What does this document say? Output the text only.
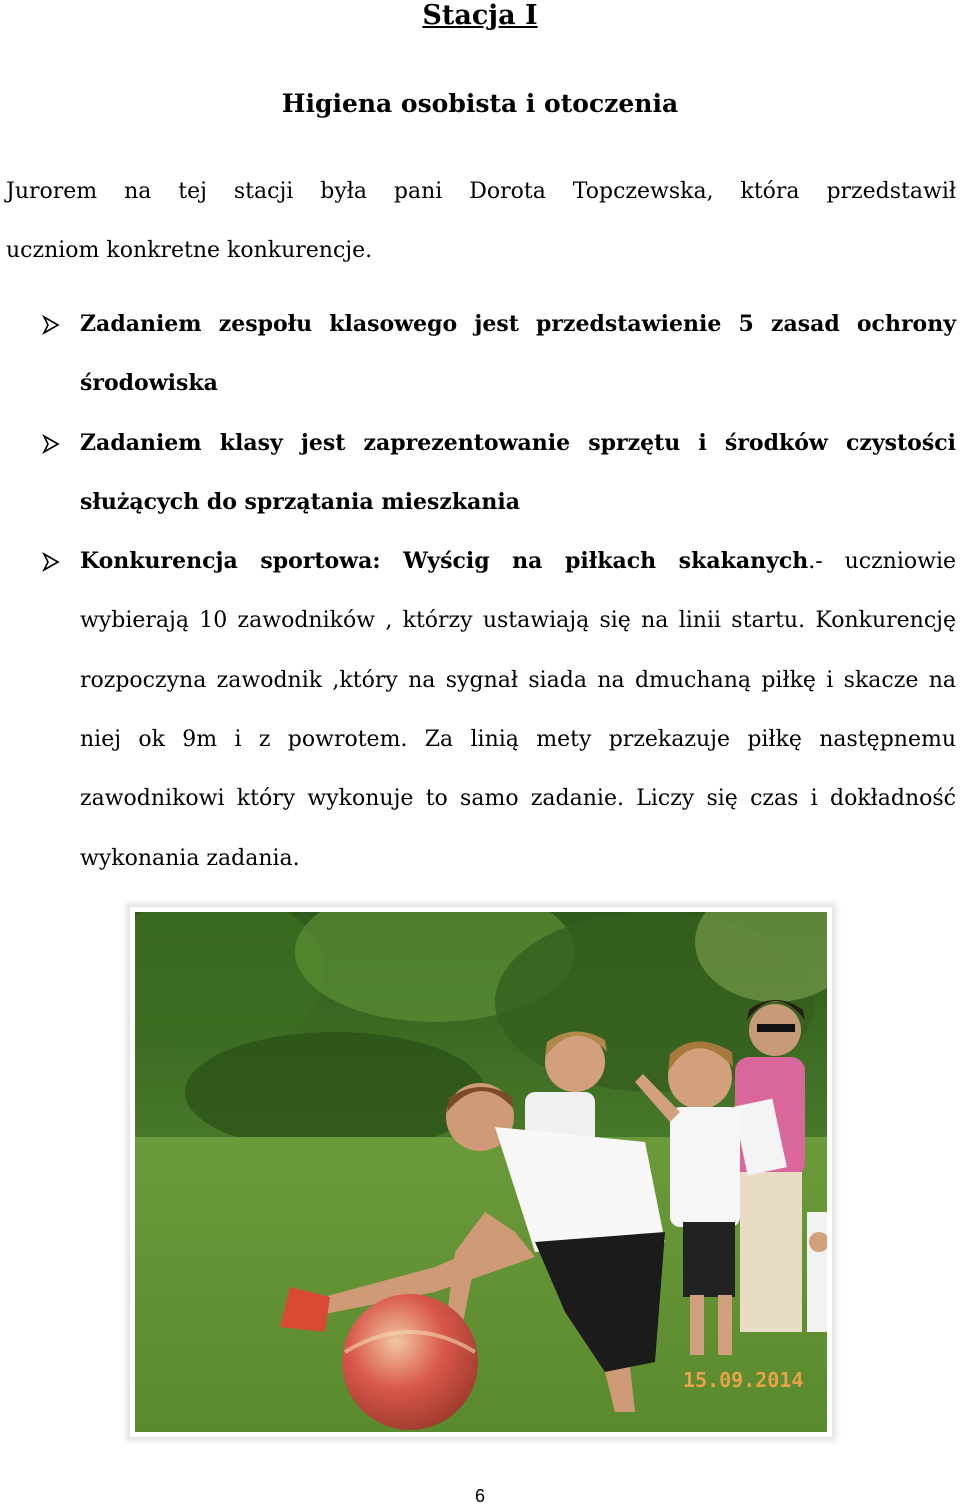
Stacja I
Higiena osobista i otoczenia
Jurorem na tej stacji była pani Dorota Topczewska, która przedstawił
uczniom konkretne konkurencje.
Zadaniem zespołu klasowego jest przedstawienie 5 zasad ochrony środowiska
Zadaniem klasy jest zaprezentowanie sprzętu i środków czystości służących do sprzątania mieszkania
Konkurencja sportowa: Wyścig na piłkach skakanych.- uczniowie wybierają 10 zawodników , którzy ustawiają się na linii startu. Konkurencję rozpoczyna zawodnik ,który na sygnał siada na dmuchaną piłkę i skacze na niej ok 9m i z powrotem. Za linią mety przekazuje piłkę następnemu zawodnikowi który wykonuje to samo zadanie. Liczy się czas i dokładność wykonania zadania.
15.09.2014
6
